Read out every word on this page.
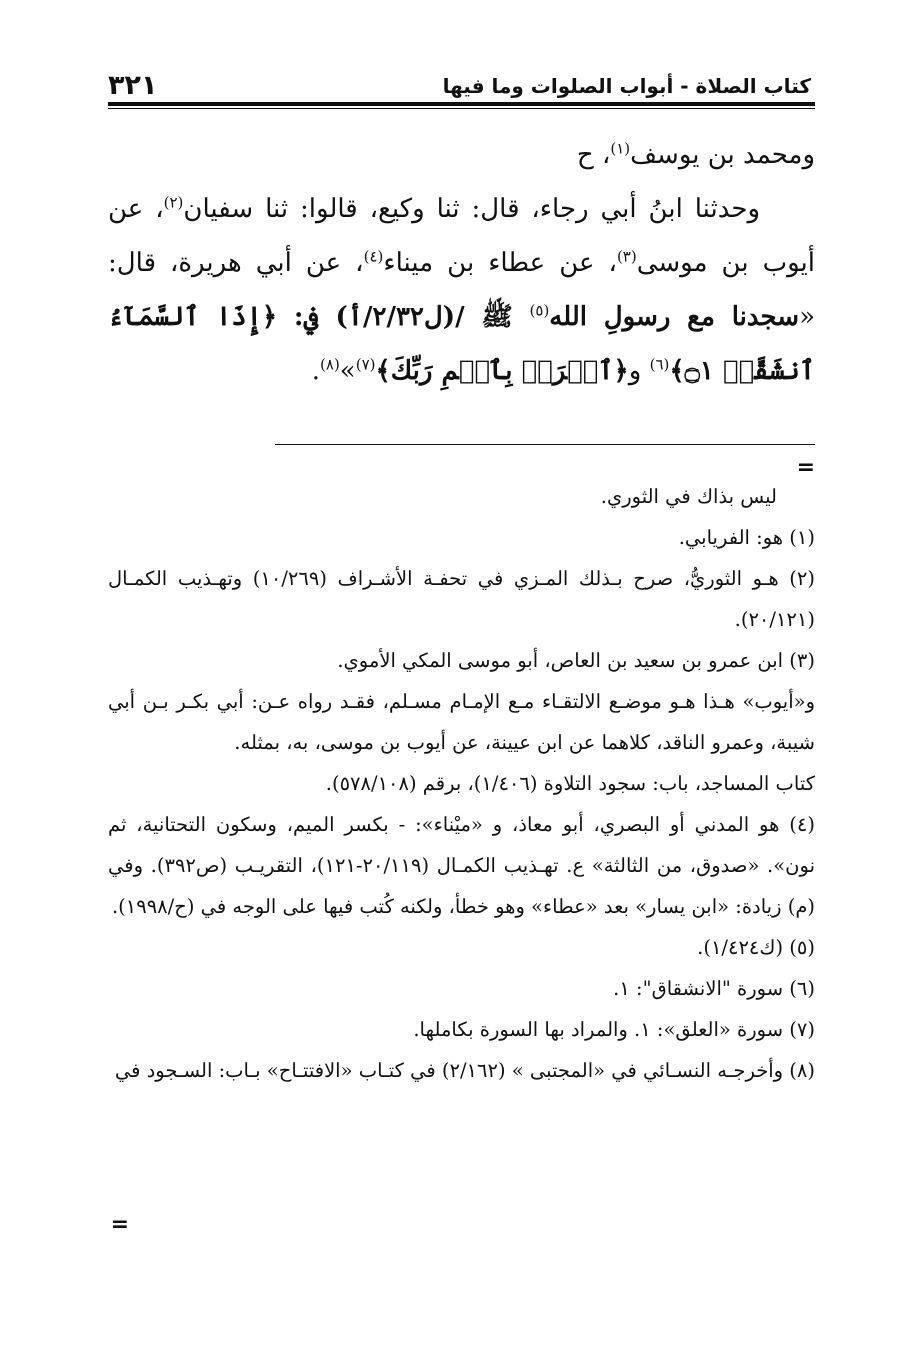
٣٢١	كتاب الصلاة - أبواب الصلوات وما فيها

ومحمد بن يوسف$^{(١)}$، ح

وحدثنا ابنُ أبي رجاء، قال: ثنا وكيع، قالوا: ثنا سفيان$^{(٢)}$، عن أيوب بن موسى$^{(٣)}$، عن عطاء بن ميناء$^{(٤)}$، عن أبي هريرة، قال: «سجدنا مع رسولِ الله$^{(٥)}$ ﷺ /(ل٢/٣٢/أ) في: ﴿إِذَا ٱلسَّمَآءُ ٱنشَقَّتۡ ۝١﴾$^{(٦)}$ و﴿ٱقۡرَأۡ بِٱسۡمِ رَبِّكَ﴾$^{(٧)}$»$^{(٨)}$.

=

ليس بذاك في الثوري.

(١) هو: الفريابي.

(٢) هـو الثوريُّ، صرح بـذلك المـزي في تحفـة الأشـراف (١٠/٢٦٩) وتهـذيب الكمـال (٢٠/١٢١).

(٣) ابن عمرو بن سعيد بن العاص، أبو موسى المكي الأموي.

و«أيوب» هـذا هـو موضـع الالتقـاء مـع الإمـام مسـلم، فقـد رواه عـن: أبي بكـر بـن أبي شيبة، وعمرو الناقد، كلاهما عن ابن عيينة، عن أيوب بن موسى، به، بمثله.

كتاب المساجد، باب: سجود التلاوة (١/٤٠٦)، برقم (٥٧٨/١٠٨).

(٤) هو المدني أو البصري، أبو معاذ، و «ميْناء»: - بكسر الميم، وسكون التحتانية، ثم نون». «صدوق، من الثالثة» ع. تهـذيب الكمـال (٢٠/١١٩-١٢١)، التقريـب (ص٣٩٢). وفي (م) زيادة: «ابن يسار» بعد «عطاء» وهو خطأ، ولكنه كُتب فيها على الوجه في (ح/١٩٩٨).

(٥) (ك١/٤٢٤).

(٦) سورة "الانشقاق": ١.

(٧) سورة «العلق»: ١. والمراد بها السورة بكاملها.

(٨) وأخرجـه النسـائي في «المجتبى » (٢/١٦٢) في كتـاب «الافتتـاح» بـاب: السـجود في

=
